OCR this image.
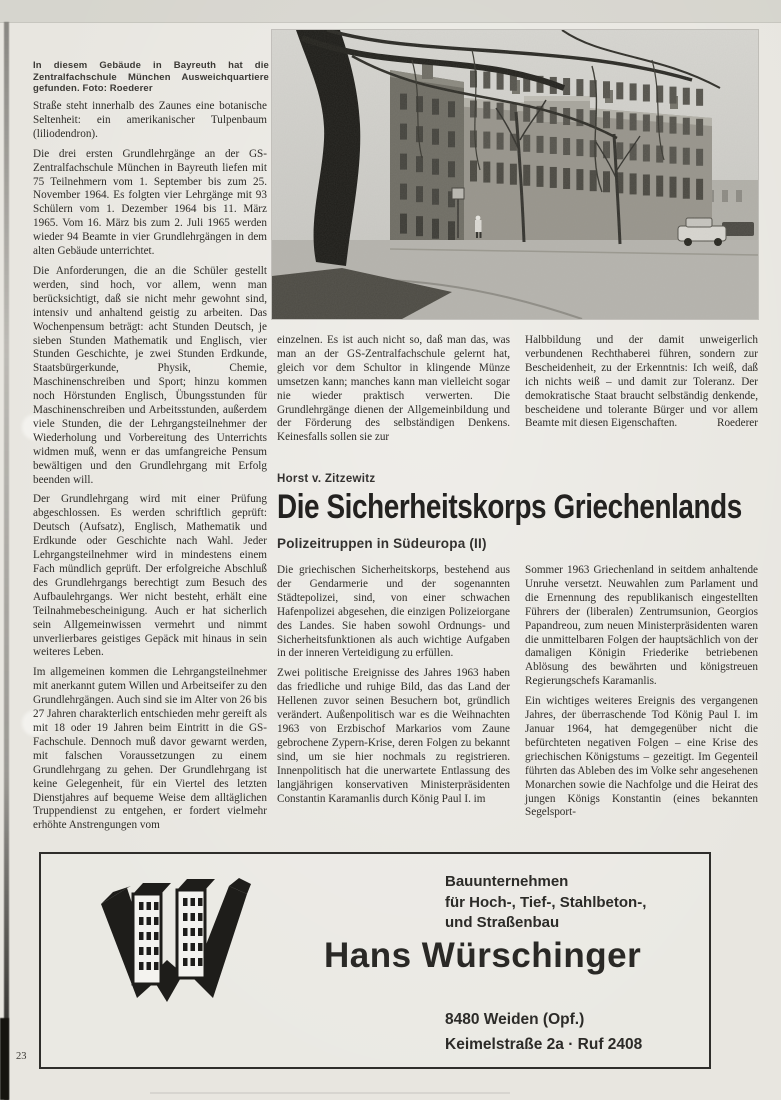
In diesem Gebäude in Bayreuth hat die Zentralfachschule München Ausweichquartiere gefunden. Foto: Roederer

Straße steht innerhalb des Zaunes eine botanische Seltenheit: ein amerikanischer Tulpenbaum (liliodendron).

Die drei ersten Grundlehrgänge an der GS-Zentralfachschule München in Bayreuth liefen mit 75 Teilnehmern vom 1. September bis zum 25. November 1964. Es folgten vier Lehrgänge mit 93 Schülern vom 1. Dezember 1964 bis 11. März 1965. Vom 16. März bis zum 2. Juli 1965 werden wieder 94 Beamte in vier Grundlehrgängen in dem alten Gebäude unterrichtet.

Die Anforderungen, die an die Schüler gestellt werden, sind hoch, vor allem, wenn man berücksichtigt, daß sie nicht mehr gewohnt sind, intensiv und anhaltend geistig zu arbeiten. Das Wochenpensum beträgt: acht Stunden Deutsch, je sieben Stunden Mathematik und Englisch, vier Stunden Geschichte, je zwei Stunden Erdkunde, Staatsbürgerkunde, Physik, Chemie, Maschinenschreiben und Sport; hinzu kommen noch Hörstunden Englisch, Übungsstunden für Maschinenschreiben und Arbeitsstunden, außerdem viele Stunden, die der Lehrgangsteilnehmer der Wiederholung und Vorbereitung des Unterrichts widmen muß, wenn er das umfangreiche Pensum bewältigen und den Grundlehrgang mit Erfolg beenden will.

Der Grundlehrgang wird mit einer Prüfung abgeschlossen. Es werden schriftlich geprüft: Deutsch (Aufsatz), Englisch, Mathematik und Erdkunde oder Geschichte nach Wahl. Jeder Lehrgangsteilnehmer wird in mindestens einem Fach mündlich geprüft. Der erfolgreiche Abschluß des Grundlehrgangs berechtigt zum Besuch des Aufbaulehrgangs. Wer nicht besteht, erhält eine Teilnahmebescheinigung. Auch er hat sicherlich sein Allgemeinwissen vermehrt und nimmt unverlierbares geistiges Gepäck mit hinaus in sein weiteres Leben.

Im allgemeinen kommen die Lehrgangsteilnehmer mit anerkannt gutem Willen und Arbeitseifer zu den Grundlehrgängen. Auch sind sie im Alter von 26 bis 27 Jahren charakterlich entschieden mehr gereift als mit 18 oder 19 Jahren beim Eintritt in die GS-Fachschule. Dennoch muß davor gewarnt werden, mit falschen Voraussetzungen zu einem Grundlehrgang zu gehen. Der Grundlehrgang ist keine Gelegenheit, für ein Viertel des letzten Dienstjahres auf bequeme Weise dem alltäglichen Truppendienst zu entgehen, er fordert vielmehr erhöhte Anstrengungen vom

einzelnen. Es ist auch nicht so, daß man das, was man an der GS-Zentralfachschule gelernt hat, gleich vor dem Schultor in klingende Münze umsetzen kann; manches kann man vielleicht sogar nie wieder praktisch verwerten. Die Grundlehrgänge dienen der Allgemeinbildung und der Förderung des selbständigen Denkens. Keinesfalls sollen sie zur

Halbbildung und der damit unweigerlich verbundenen Rechthaberei führen, sondern zur Bescheidenheit, zu der Erkenntnis: Ich weiß, daß ich nichts weiß – und damit zur Toleranz. Der demokratische Staat braucht selbständig denkende, bescheidene und tolerante Bürger und vor allem Beamte mit diesen Eigenschaften.	Roederer

Horst v. Zitzewitz
Die Sicherheitskorps Griechenlands
Polizeitruppen in Südeuropa (II)

Die griechischen Sicherheitskorps, bestehend aus der Gendarmerie und der sogenannten Städtepolizei, sind, von einer schwachen Hafenpolizei abgesehen, die einzigen Polizeiorgane des Landes. Sie haben sowohl Ordnungs- und Sicherheitsfunktionen als auch wichtige Aufgaben in der inneren Verteidigung zu erfüllen.

Zwei politische Ereignisse des Jahres 1963 haben das friedliche und ruhige Bild, das das Land der Hellenen zuvor seinen Besuchern bot, gründlich verändert. Außenpolitisch war es die Weihnachten 1963 von Erzbischof Markarios vom Zaune gebrochene Zypern-Krise, deren Folgen zu bekannt sind, um sie hier nochmals zu registrieren. Innenpolitisch hat die unerwartete Entlassung des langjährigen konservativen Ministerpräsidenten Constantin Karamanlis durch König Paul I. im

Sommer 1963 Griechenland in seitdem anhaltende Unruhe versetzt. Neuwahlen zum Parlament und die Ernennung des republikanisch eingestellten Führers der (liberalen) Zentrumsunion, Georgios Papandreou, zum neuen Ministerpräsidenten waren die unmittelbaren Folgen der hauptsächlich von der damaligen Königin Friederike betriebenen Ablösung des bewährten und königstreuen Regierungschefs Karamanlis.

Ein wichtiges weiteres Ereignis des vergangenen Jahres, der überraschende Tod König Paul I. im Januar 1964, hat demgegenüber nicht die befürchteten negativen Folgen – eine Krise des griechischen Königstums – gezeitigt. Im Gegenteil führten das Ableben des im Volke sehr angesehenen Monarchen sowie die Nachfolge und die Heirat des jungen Königs Konstantin (eines bekannten Segelsport-

Bauunternehmen
für Hoch-, Tief-, Stahlbeton-,
und Straßenbau
Hans Würschinger
8480 Weiden (Opf.)
Keimelstraße 2a · Ruf 2408
23
